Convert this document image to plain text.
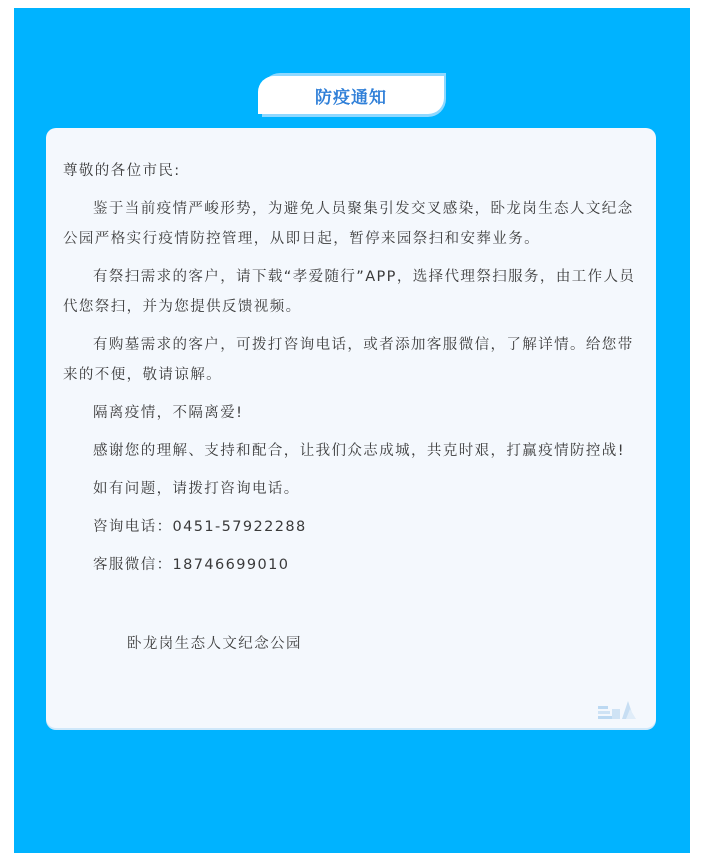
防疫通知

尊敬的各位市民:

鉴于当前疫情严峻形势，为避免人员聚集引发交叉感染，卧龙岗生态人文纪念公园严格实行疫情防控管理，从即日起，暂停来园祭扫和安葬业务。

有祭扫需求的客户，请下载“孝爱随行”APP，选择代理祭扫服务，由工作人员代您祭扫，并为您提供反馈视频。

有购墓需求的客户，可拨打咨询电话，或者添加客服微信，了解详情。给您带来的不便，敬请谅解。

隔离疫情，不隔离爱!

感谢您的理解、支持和配合，让我们众志成城，共克时艰，打赢疫情防控战!

如有问题，请拨打咨询电话。

咨询电话：0451-57922288

客服微信：18746699010

卧龙岗生态人文纪念公园
